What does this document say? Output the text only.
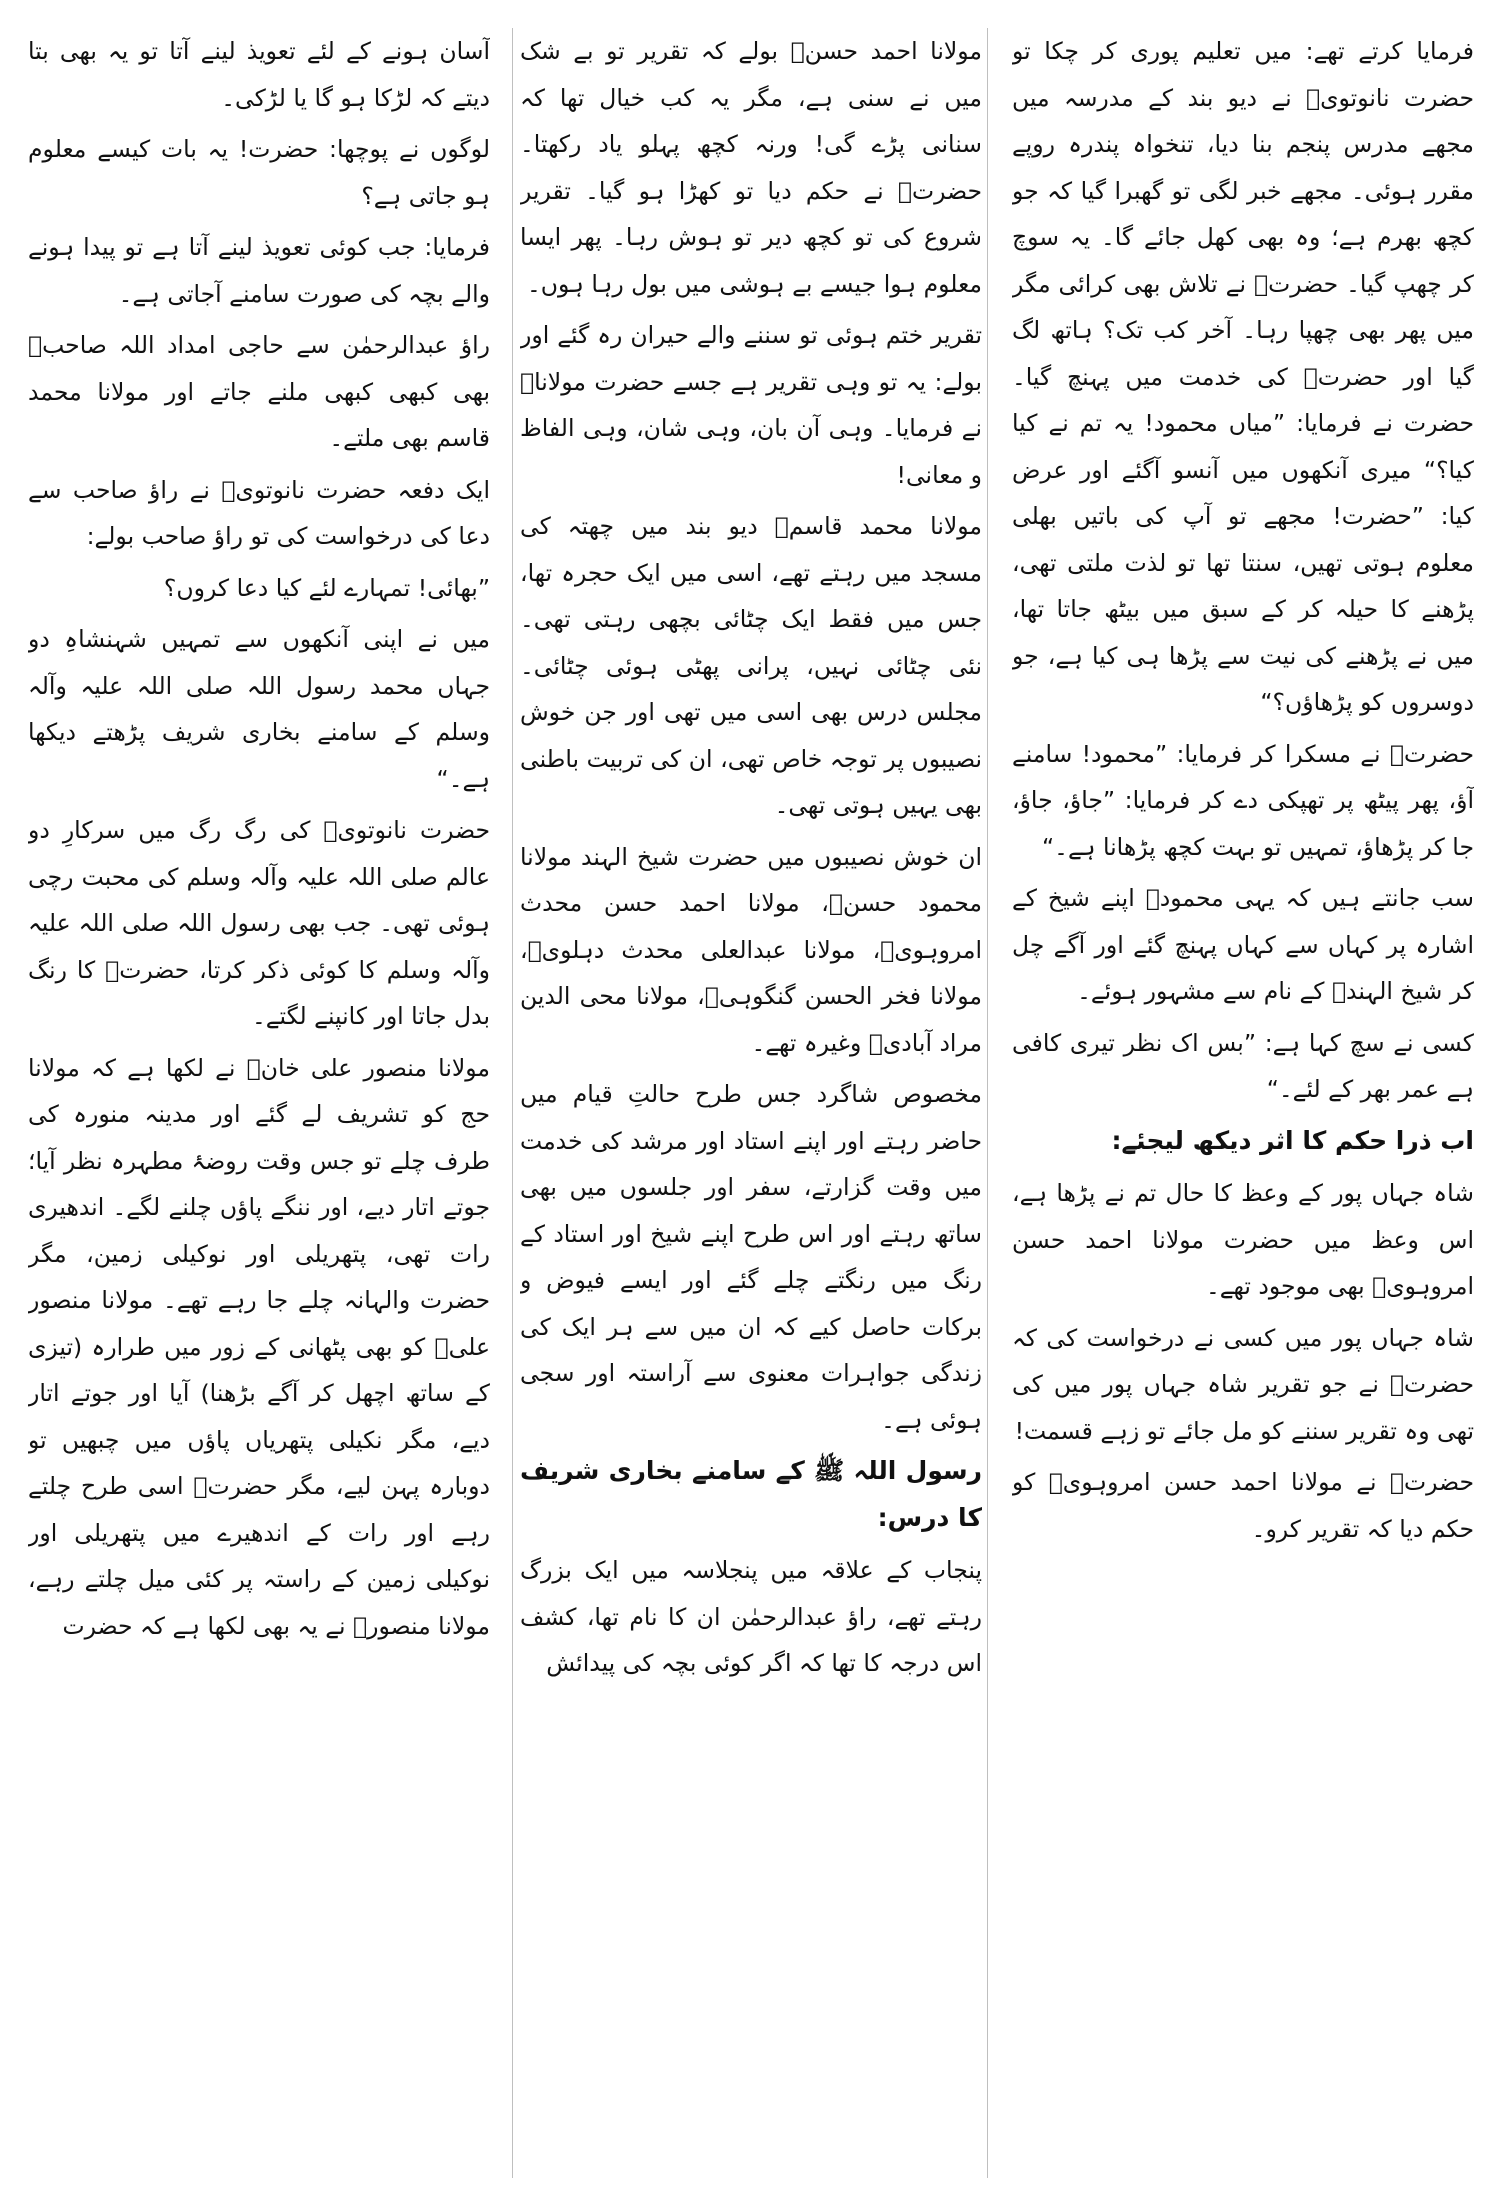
فرمایا کرتے تھے: میں تعلیم پوری کر چکا تو حضرت نانوتویؒ نے دیو بند کے مدرسہ میں مجھے مدرس پنجم بنا دیا، تنخواہ پندرہ روپے مقرر ہوئی۔ مجھے خبر لگی تو گھبرا گیا کہ جو کچھ بھرم ہے؛ وہ بھی کھل جائے گا۔ یہ سوچ کر چھپ گیا۔ حضرتؒ نے تلاش بھی کرائی مگر میں پھر بھی چھپا رہا۔ آخر کب تک؟ ہاتھ لگ گیا اور حضرتؒ کی خدمت میں پہنچ گیا۔ حضرت نے فرمایا: ”میاں محمود! یہ تم نے کیا کیا؟“ میری آنکھوں میں آنسو آگئے اور عرض کیا: ”حضرت! مجھے تو آپ کی باتیں بھلی معلوم ہوتی تھیں، سنتا تھا تو لذت ملتی تھی، پڑھنے کا حیلہ کر کے سبق میں بیٹھ جاتا تھا، میں نے پڑھنے کی نیت سے پڑھا ہی کیا ہے، جو دوسروں کو پڑھاؤں؟“

حضرتؒ نے مسکرا کر فرمایا: ”محمود! سامنے آؤ، پھر پیٹھ پر تھپکی دے کر فرمایا: ”جاؤ، جاؤ، جا کر پڑھاؤ، تمہیں تو بہت کچھ پڑھانا ہے۔“

سب جانتے ہیں کہ یہی محمودؒ اپنے شیخ کے اشارہ پر کہاں سے کہاں پہنچ گئے اور آگے چل کر شیخ الہندؒ کے نام سے مشہور ہوئے۔

کسی نے سچ کہا ہے: ”بس اک نظر تیری کافی ہے عمر بھر کے لئے۔“

اب ذرا حکم کا اثر دیکھ لیجئے:

شاہ جہاں پور کے وعظ کا حال تم نے پڑھا ہے، اس وعظ میں حضرت مولانا احمد حسن امروہویؒ بھی موجود تھے۔

شاہ جہاں پور میں کسی نے درخواست کی کہ حضرتؒ نے جو تقریر شاہ جہاں پور میں کی تھی وہ تقریر سننے کو مل جائے تو زہے قسمت!

حضرتؒ نے مولانا احمد حسن امروہویؒ کو حکم دیا کہ تقریر کرو۔

مولانا احمد حسنؒ بولے کہ تقریر تو بے شک میں نے سنی ہے، مگر یہ کب خیال تھا کہ سنانی پڑے گی! ورنہ کچھ پہلو یاد رکھتا۔ حضرتؒ نے حکم دیا تو کھڑا ہو گیا۔ تقریر شروع کی تو کچھ دیر تو ہوش رہا۔ پھر ایسا معلوم ہوا جیسے بے ہوشی میں بول رہا ہوں۔

تقریر ختم ہوئی تو سننے والے حیران رہ گئے اور بولے: یہ تو وہی تقریر ہے جسے حضرت مولاناؒ نے فرمایا۔ وہی آن بان، وہی شان، وہی الفاظ و معانی!

مولانا محمد قاسمؒ دیو بند میں چھتہ کی مسجد میں رہتے تھے، اسی میں ایک حجرہ تھا، جس میں فقط ایک چٹائی بچھی رہتی تھی۔ نئی چٹائی نہیں، پرانی پھٹی ہوئی چٹائی۔ مجلس درس بھی اسی میں تھی اور جن خوش نصیبوں پر توجہ خاص تھی، ان کی تربیت باطنی بھی یہیں ہوتی تھی۔

ان خوش نصیبوں میں حضرت شیخ الہند مولانا محمود حسنؒ، مولانا احمد حسن محدث امروہویؒ، مولانا عبدالعلی محدث دہلویؒ، مولانا فخر الحسن گنگوہیؒ، مولانا محی الدین مراد آبادیؒ وغیرہ تھے۔

مخصوص شاگرد جس طرح حالتِ قیام میں حاضر رہتے اور اپنے استاد اور مرشد کی خدمت میں وقت گزارتے، سفر اور جلسوں میں بھی ساتھ رہتے اور اس طرح اپنے شیخ اور استاد کے رنگ میں رنگتے چلے گئے اور ایسے فیوض و برکات حاصل کیے کہ ان میں سے ہر ایک کی زندگی جواہرات معنوی سے آراستہ اور سجی ہوئی ہے۔

رسول اللہ ﷺ کے سامنے بخاری شریف کا درس:

پنجاب کے علاقہ میں پنجلاسہ میں ایک بزرگ رہتے تھے، راؤ عبدالرحمٰن ان کا نام تھا، کشف اس درجہ کا تھا کہ اگر کوئی بچہ کی پیدائش

آسان ہونے کے لئے تعویذ لینے آتا تو یہ بھی بتا دیتے کہ لڑکا ہو گا یا لڑکی۔

لوگوں نے پوچھا: حضرت! یہ بات کیسے معلوم ہو جاتی ہے؟

فرمایا: جب کوئی تعویذ لینے آتا ہے تو پیدا ہونے والے بچہ کی صورت سامنے آجاتی ہے۔

راؤ عبدالرحمٰن سے حاجی امداد اللہ صاحبؒ بھی کبھی کبھی ملنے جاتے اور مولانا محمد قاسم بھی ملتے۔

ایک دفعہ حضرت نانوتویؒ نے راؤ صاحب سے دعا کی درخواست کی تو راؤ صاحب بولے:

”بھائی! تمہارے لئے کیا دعا کروں؟

میں نے اپنی آنکھوں سے تمہیں شہنشاہِ دو جہاں محمد رسول اللہ صلی اللہ علیہ وآلہ وسلم کے سامنے بخاری شریف پڑھتے دیکھا ہے۔“

حضرت نانوتویؒ کی رگ رگ میں سرکارِ دو عالم صلی اللہ علیہ وآلہ وسلم کی محبت رچی ہوئی تھی۔ جب بھی رسول اللہ صلی اللہ علیہ وآلہ وسلم کا کوئی ذکر کرتا، حضرتؒ کا رنگ بدل جاتا اور کانپنے لگتے۔

مولانا منصور علی خانؒ نے لکھا ہے کہ مولانا حج کو تشریف لے گئے اور مدینہ منورہ کی طرف چلے تو جس وقت روضۂ مطہرہ نظر آیا؛ جوتے اتار دیے، اور ننگے پاؤں چلنے لگے۔ اندھیری رات تھی، پتھریلی اور نوکیلی زمین، مگر حضرت والہانہ چلے جا رہے تھے۔ مولانا منصور علیؒ کو بھی پٹھانی کے زور میں طرارہ (تیزی کے ساتھ اچھل کر آگے بڑھنا) آیا اور جوتے اتار دیے، مگر نکیلی پتھریاں پاؤں میں چبھیں تو دوبارہ پہن لیے، مگر حضرتؒ اسی طرح چلتے رہے اور رات کے اندھیرے میں پتھریلی اور نوکیلی زمین کے راستہ پر کئی میل چلتے رہے، مولانا منصورؒ نے یہ بھی لکھا ہے کہ حضرت
